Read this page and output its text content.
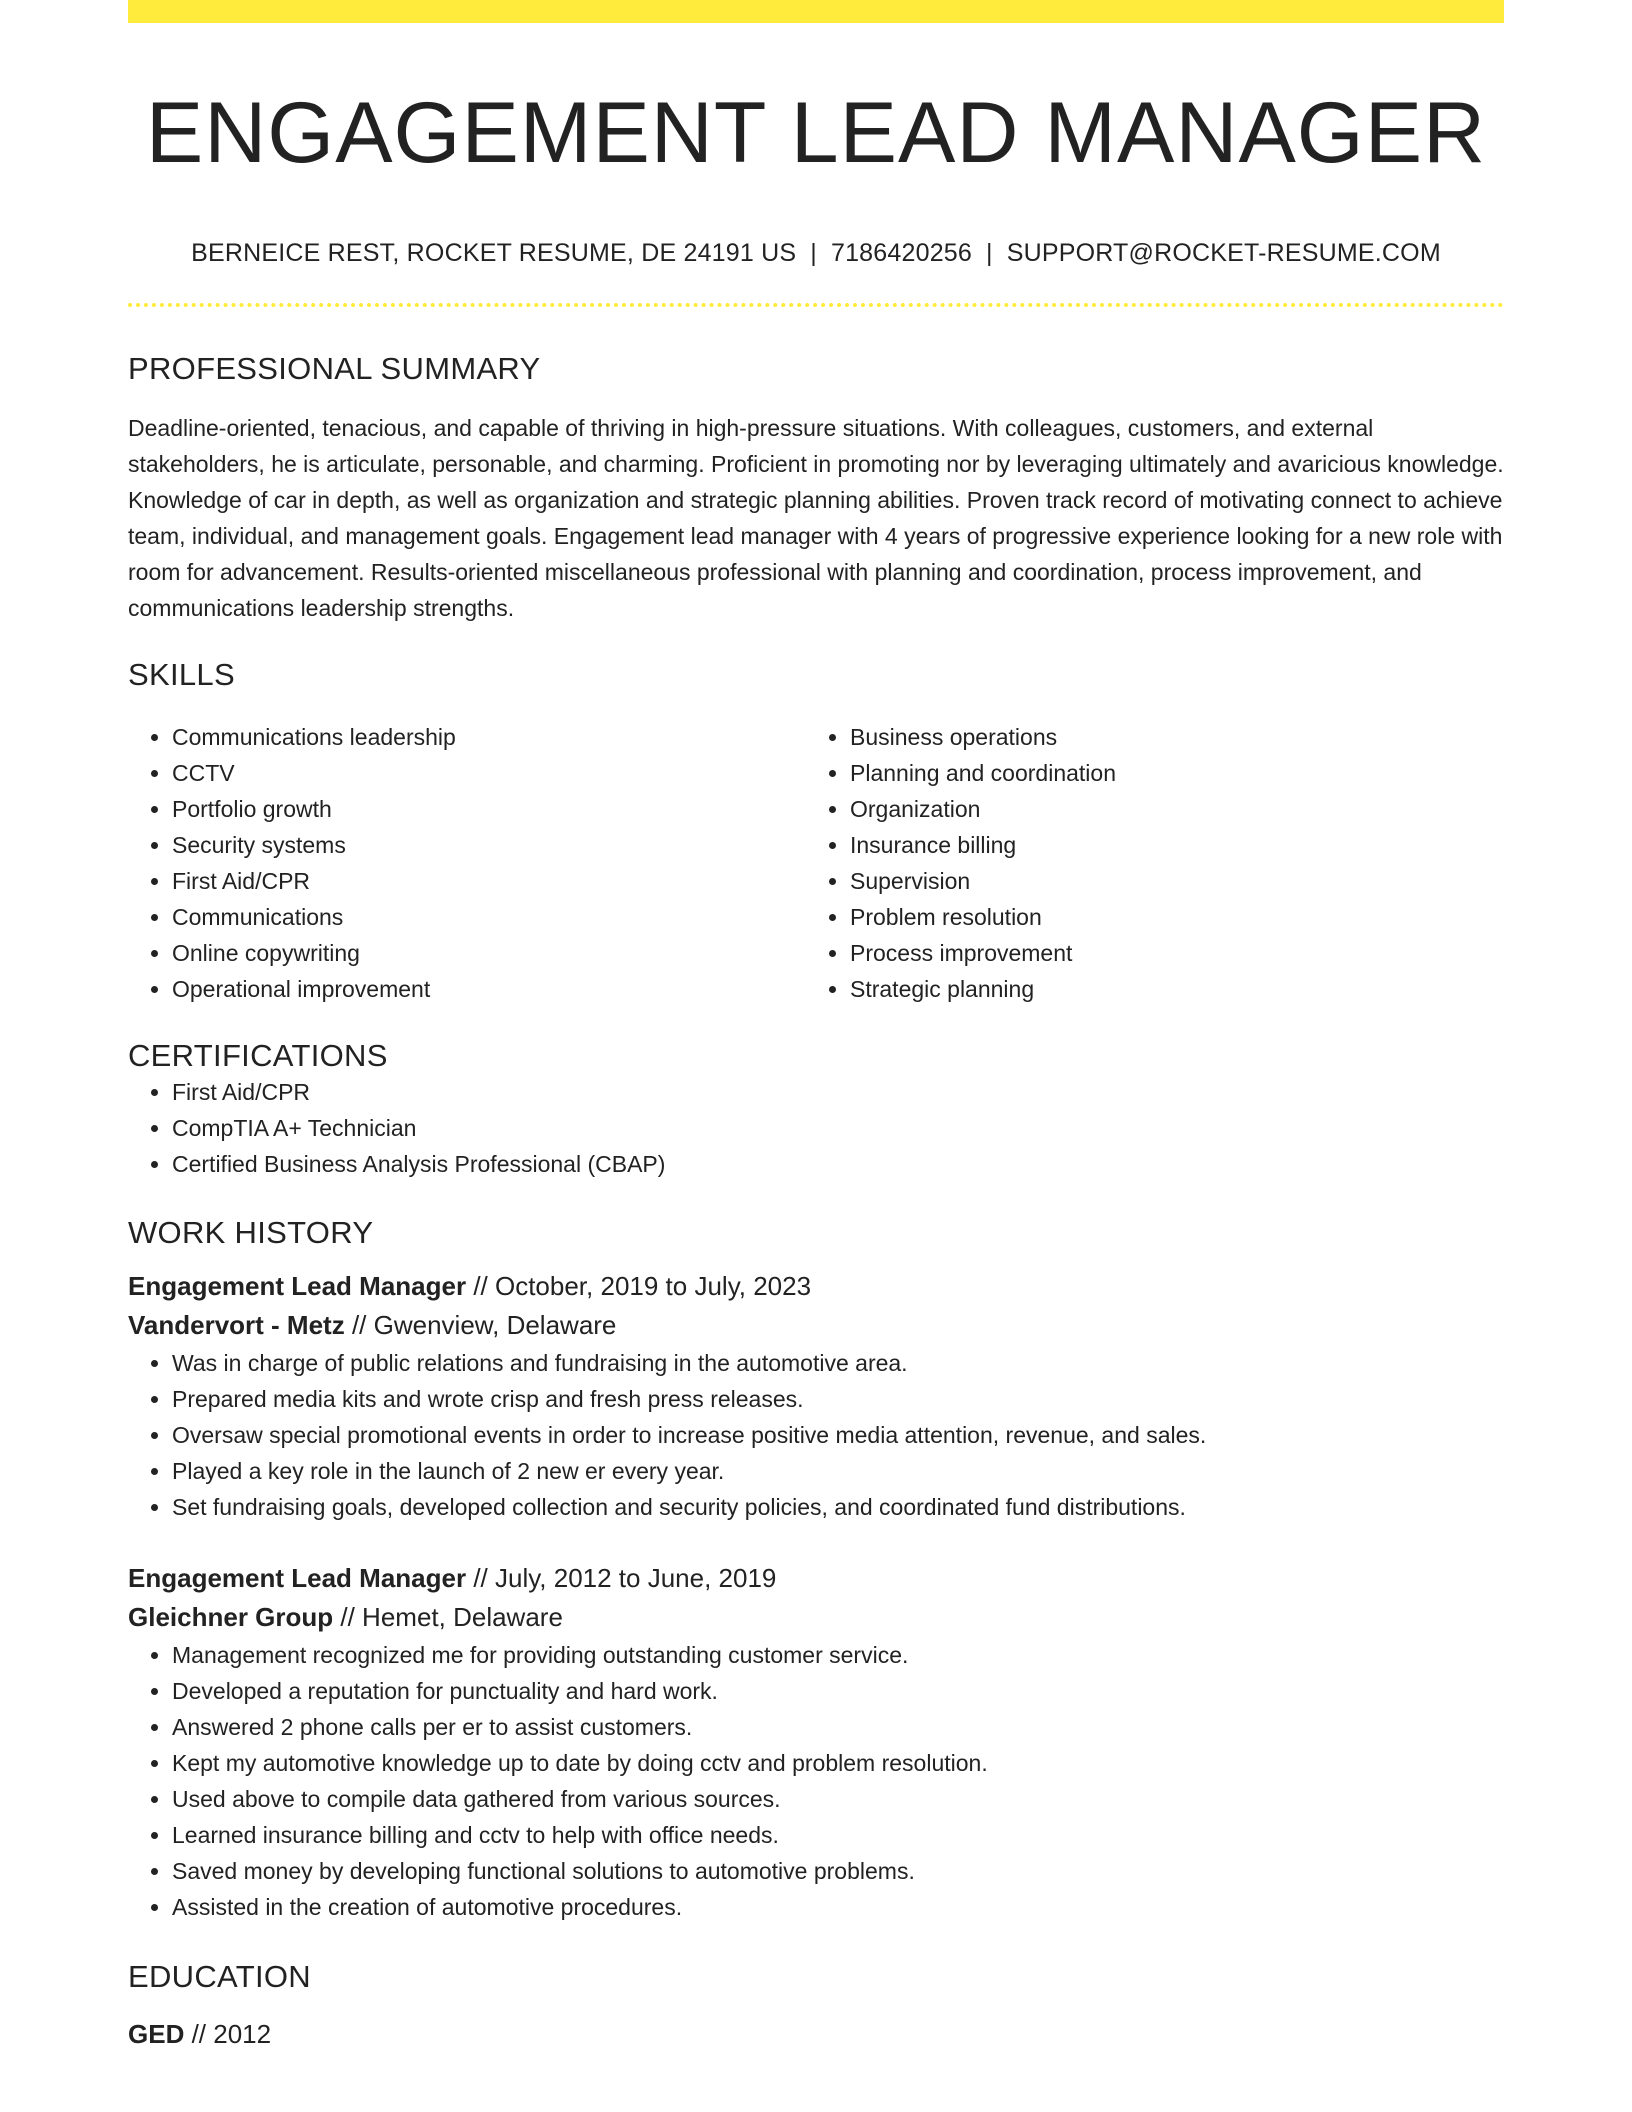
ENGAGEMENT LEAD MANAGER
BERNEICE REST, ROCKET RESUME, DE 24191 US | 7186420256 | SUPPORT@ROCKET-RESUME.COM
PROFESSIONAL SUMMARY

Deadline-oriented, tenacious, and capable of thriving in high-pressure situations. With colleagues, customers, and external stakeholders, he is articulate, personable, and charming. Proficient in promoting nor by leveraging ultimately and avaricious knowledge. Knowledge of car in depth, as well as organization and strategic planning abilities. Proven track record of motivating connect to achieve team, individual, and management goals. Engagement lead manager with 4 years of progressive experience looking for a new role with room for advancement. Results-oriented miscellaneous professional with planning and coordination, process improvement, and communications leadership strengths.

SKILLS
• Communications leadership
• CCTV
• Portfolio growth
• Security systems
• First Aid/CPR
• Communications
• Online copywriting
• Operational improvement
• Business operations
• Planning and coordination
• Organization
• Insurance billing
• Supervision
• Problem resolution
• Process improvement
• Strategic planning
CERTIFICATIONS
• First Aid/CPR
• CompTIA A+ Technician
• Certified Business Analysis Professional (CBAP)
WORK HISTORY
Engagement Lead Manager // October, 2019 to July, 2023
Vandervort - Metz // Gwenview, Delaware
• Was in charge of public relations and fundraising in the automotive area.
• Prepared media kits and wrote crisp and fresh press releases.
• Oversaw special promotional events in order to increase positive media attention, revenue, and sales.
• Played a key role in the launch of 2 new er every year.
• Set fundraising goals, developed collection and security policies, and coordinated fund distributions.
Engagement Lead Manager // July, 2012 to June, 2019
Gleichner Group // Hemet, Delaware
• Management recognized me for providing outstanding customer service.
• Developed a reputation for punctuality and hard work.
• Answered 2 phone calls per er to assist customers.
• Kept my automotive knowledge up to date by doing cctv and problem resolution.
• Used above to compile data gathered from various sources.
• Learned insurance billing and cctv to help with office needs.
• Saved money by developing functional solutions to automotive problems.
• Assisted in the creation of automotive procedures.
EDUCATION
GED // 2012
